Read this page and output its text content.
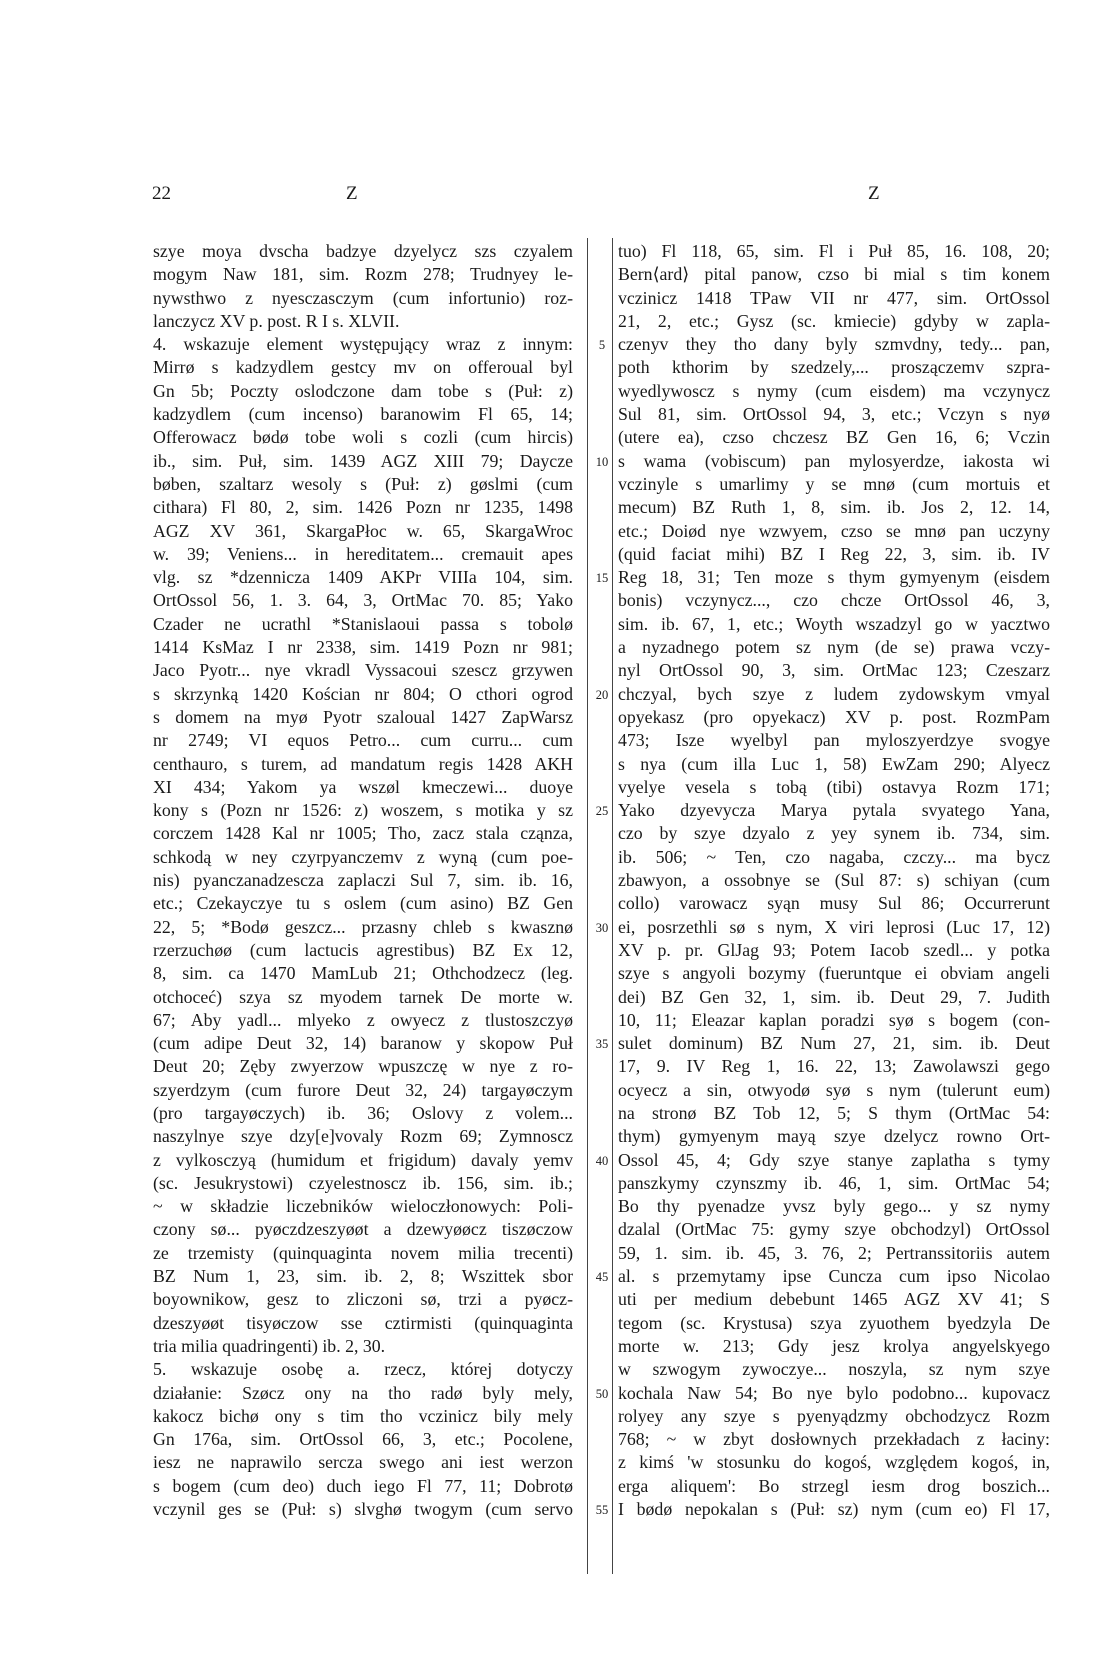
22	Z	Z
szye moya dvscha badzye dzyelycz szs czyalem
mogym Naw 181, sim. Rozm 278; Trudnyey le-
nywsthwo z nyesczasczym (cum infortunio) roz-
lanczycz XV p. post. R I s. XLVII.
4. wskazuje element występujący wraz z innym:
Mirrø s kadzydlem gestcy mv on offeroual byl
Gn 5b; Poczty oslodczone dam tobe s (Puł: z)
kadzydlem (cum incenso) baranowim Fl 65, 14;
Offerowacz bødø tobe woli s cozli (cum hircis)
ib., sim. Puł, sim. 1439 AGZ XIII 79; Daycze
bøben, szaltarz wesoly s (Puł: z) gøslmi (cum
cithara) Fl 80, 2, sim. 1426 Pozn nr 1235, 1498
AGZ XV 361, SkargaPłoc w. 65, SkargaWroc
w. 39; Veniens... in hereditatem... cremauit apes
vlg. sz *dzennicza 1409 AKPr VIIIa 104, sim.
OrtOssol 56, 1. 3. 64, 3, OrtMac 70. 85; Yako
Czader ne ucrathl *Stanislaoui passa s tobolø
1414 KsMaz I nr 2338, sim. 1419 Pozn nr 981;
Jaco Pyotr... nye vkradl Vyssacoui szescz grzywen
s skrzynką 1420 Kościan nr 804; O cthori ogrod
s domem na myø Pyotr szaloual 1427 ZapWarsz
nr 2749; VI equos Petro... cum curru... cum
centhauro, s turem, ad mandatum regis 1428 AKH
XI 434; Yakom ya wszøl kmeczewi... duoye
kony s (Pozn nr 1526: z) woszem, s motika y sz
corczem 1428 Kal nr 1005; Tho, zacz stala cząnza,
schkodą w ney czyrpyanczemv z wyną (cum poe-
nis) pyanczanadzescza zaplaczi Sul 7, sim. ib. 16,
etc.; Czekayczye tu s oslem (cum asino) BZ Gen
22, 5; *Bodø geszcz... przasny chleb s kwasznø
rzerzuchøø (cum lactucis agrestibus) BZ Ex 12,
8, sim. ca 1470 MamLub 21; Othchodzecz (leg.
otchoceć) szya sz myodem tarnek De morte w.
67; Aby yadl... mlyeko z owyecz z tlustoszczyø
(cum adipe Deut 32, 14) baranow y skopow Puł
Deut 20; Zęby zwyerzow wpuszczę w nye z ro-
szyerdzym (cum furore Deut 32, 24) targayøczym
(pro targayøczych) ib. 36; Oslovy z volem...
naszylnye szye dzy[e]vovaly Rozm 69; Zymnoscz
z vylkosczyą (humidum et frigidum) davaly yemv
(sc. Jesukrystowi) czyelestnoscz ib. 156, sim. ib.;
~ w składzie liczebników wieloczłonowych: Poli-
czony sø... pyøczdzeszyøøt a dzewyøøcz tiszøczow
ze trzemisty (quinquaginta novem milia trecenti)
BZ Num 1, 23, sim. ib. 2, 8; Wszittek sbor
boyownikow, gesz to zliczoni sø, trzi a pyøcz-
dzeszyøøt tisyøczow sse cztirmisti (quinquaginta
tria milia quadringenti) ib. 2, 30.
5. wskazuje osobę a. rzecz, której dotyczy
działanie: Szøcz ony na tho radø byly mely,
kakocz bichø ony s tim tho vczinicz bily mely
Gn 176a, sim. OrtOssol 66, 3, etc.; Pocolene,
iesz ne naprawilo sercza swego ani iest werzon
s bogem (cum deo) duch iego Fl 77, 11; Dobrotø
vczynil ges se (Puł: s) slvghø twogym (cum servo
5
10
15
20
25
30
35
40
45
50
55
tuo) Fl 118, 65, sim. Fl i Puł 85, 16. 108, 20;
Bern⟨ard⟩ pital panow, czso bi mial s tim konem
vczinicz 1418 TPaw VII nr 477, sim. OrtOssol
21, 2, etc.; Gysz (sc. kmiecie) gdyby w zapla-
czenyv they tho dany byly szmvdny, tedy... pan,
poth kthorim by szedzely,... proszączemv szpra-
wyedlywoscz s nymy (cum eisdem) ma vczynycz
Sul 81, sim. OrtOssol 94, 3, etc.; Vczyn s nyø
(utere ea), czso chczesz BZ Gen 16, 6; Vczin
s wama (vobiscum) pan mylosyerdze, iakosta wi
vczinyle s umarlimy y se mnø (cum mortuis et
mecum) BZ Ruth 1, 8, sim. ib. Jos 2, 12. 14,
etc.; Doiød nye wzwyem, czso se mnø pan uczyny
(quid faciat mihi) BZ I Reg 22, 3, sim. ib. IV
Reg 18, 31; Ten moze s thym gymyenym (eisdem
bonis) vczynycz..., czo chcze OrtOssol 46, 3,
sim. ib. 67, 1, etc.; Woyth wszadzyl go w yacztwo
a nyzadnego potem sz nym (de se) prawa vczy-
nyl OrtOssol 90, 3, sim. OrtMac 123; Czeszarz
chczyal, bych szye z ludem zydowskym vmyal
opyekasz (pro opyekacz) XV p. post. RozmPam
473; Isze wyelbyl pan myloszyerdzye svogye
s nya (cum illa Luc 1, 58) EwZam 290; Alyecz
vyelye vesela s tobą (tibi) ostavya Rozm 171;
Yako dzyevycza Marya pytala svyatego Yana,
czo by szye dzyalo z yey synem ib. 734, sim.
ib. 506; ~ Ten, czo nagaba, czczy... ma bycz
zbawyon, a ossobnye se (Sul 87: s) schiyan (cum
collo) varowacz syąn musy Sul 86; Occurrerunt
ei, posrzethli sø s nym, X viri leprosi (Luc 17, 12)
XV p. pr. GlJag 93; Potem Iacob szedl... y potka
szye s angyoli bozymy (fueruntque ei obviam angeli
dei) BZ Gen 32, 1, sim. ib. Deut 29, 7. Judith
10, 11; Eleazar kaplan poradzi syø s bogem (con-
sulet dominum) BZ Num 27, 21, sim. ib. Deut
17, 9. IV Reg 1, 16. 22, 13; Zawolawszi gego
ocyecz a sin, otwyodø syø s nym (tulerunt eum)
na stronø BZ Tob 12, 5; S thym (OrtMac 54:
thym) gymyenym mayą szye dzelycz rowno Ort-
Ossol 45, 4; Gdy szye stanye zaplatha s tymy
panszkymy czynszmy ib. 46, 1, sim. OrtMac 54;
Bo thy pyenadze yvsz byly gego... y sz nymy
dzalal (OrtMac 75: gymy szye obchodzyl) OrtOssol
59, 1. sim. ib. 45, 3. 76, 2; Pertranssitoriis autem
al. s przemytamy ipse Cuncza cum ipso Nicolao
uti per medium debebunt 1465 AGZ XV 41; S
tegom (sc. Krystusa) szya zyuothem byedzyla De
morte w. 213; Gdy jesz krolya angyelskyego
w szwogym zywoczye... noszyla, sz nym szye
kochala Naw 54; Bo nye bylo podobno... kupovacz
rolyey any szye s pyenyądzmy obchodzycz Rozm
768; ~ w zbyt dosłownych przekładach z łaciny:
z kimś 'w stosunku do kogoś, względem kogoś, in,
erga aliquem': Bo strzegl iesm drog boszich...
I bødø nepokalan s (Puł: sz) nym (cum eo) Fl 17,
